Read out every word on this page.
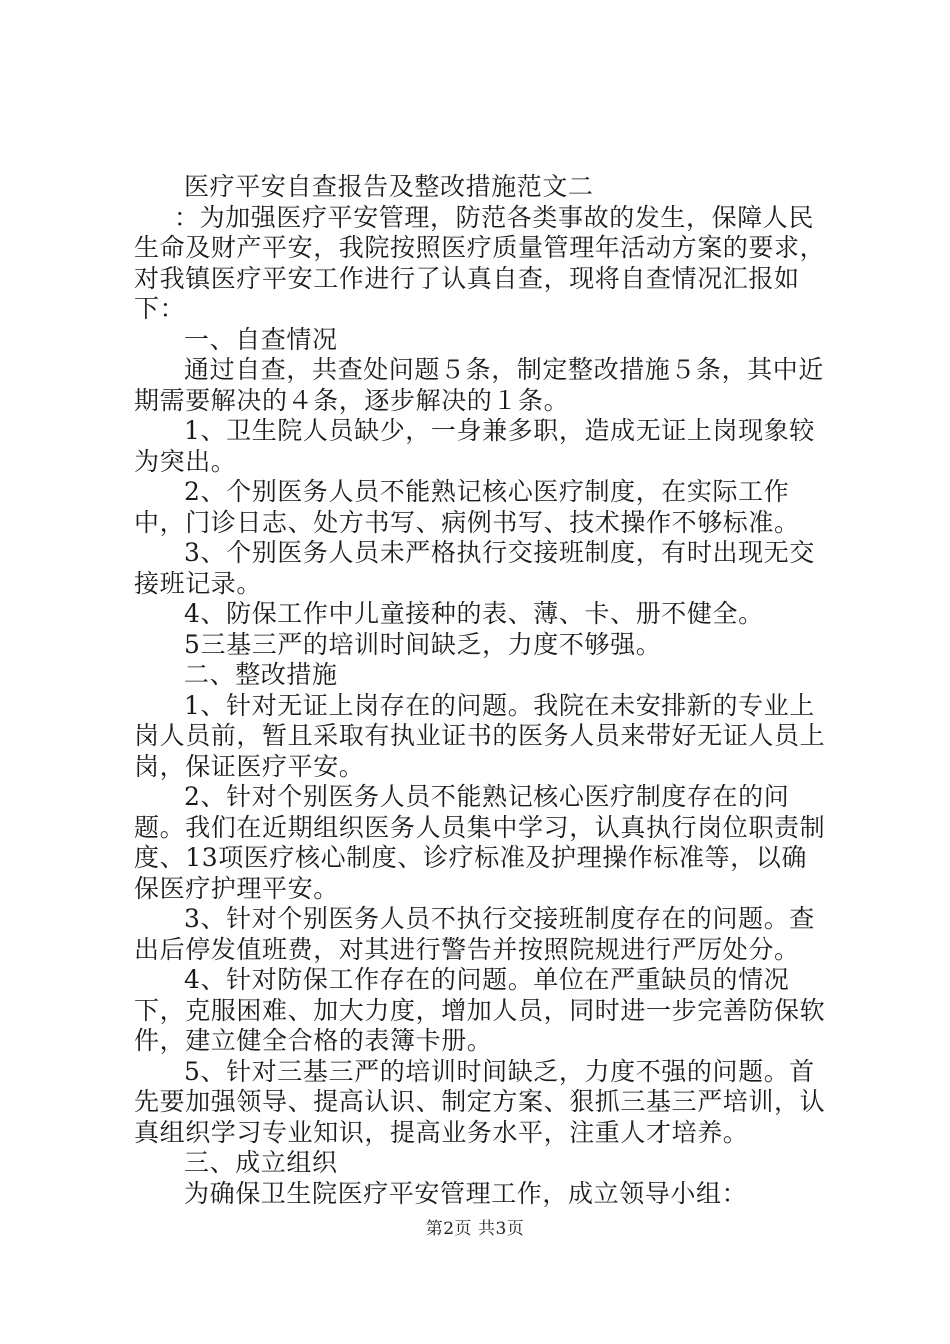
医疗平安自查报告及整改措施范文二

：为加强医疗平安管理，防范各类事故的发生，保障人民生命及财产平安，我院按照医疗质量管理年活动方案的要求，对我镇医疗平安工作进行了认真自查，现将自查情况汇报如下：

一、自查情况

通过自查，共查处问题５条，制定整改措施５条，其中近期需要解决的４条，逐步解决的１条。

1、卫生院人员缺少，一身兼多职，造成无证上岗现象较为突出。

2、个别医务人员不能熟记核心医疗制度，在实际工作中，门诊日志、处方书写、病例书写、技术操作不够标准。

3、个别医务人员未严格执行交接班制度，有时出现无交接班记录。

4、防保工作中儿童接种的表、薄、卡、册不健全。

5三基三严的培训时间缺乏，力度不够强。

二、整改措施

1、针对无证上岗存在的问题。我院在未安排新的专业上岗人员前，暂且采取有执业证书的医务人员来带好无证人员上岗，保证医疗平安。

2、针对个别医务人员不能熟记核心医疗制度存在的问题。我们在近期组织医务人员集中学习，认真执行岗位职责制度、13项医疗核心制度、诊疗标准及护理操作标准等，以确保医疗护理平安。

3、针对个别医务人员不执行交接班制度存在的问题。查出后停发值班费，对其进行警告并按照院规进行严厉处分。

4、针对防保工作存在的问题。单位在严重缺员的情况下，克服困难、加大力度，增加人员，同时进一步完善防保软件，建立健全合格的表簿卡册。

5、针对三基三严的培训时间缺乏，力度不强的问题。首先要加强领导、提高认识、制定方案、狠抓三基三严培训，认真组织学习专业知识，提高业务水平，注重人才培养。

三、成立组织

为确保卫生院医疗平安管理工作，成立领导小组：

第2页 共3页
